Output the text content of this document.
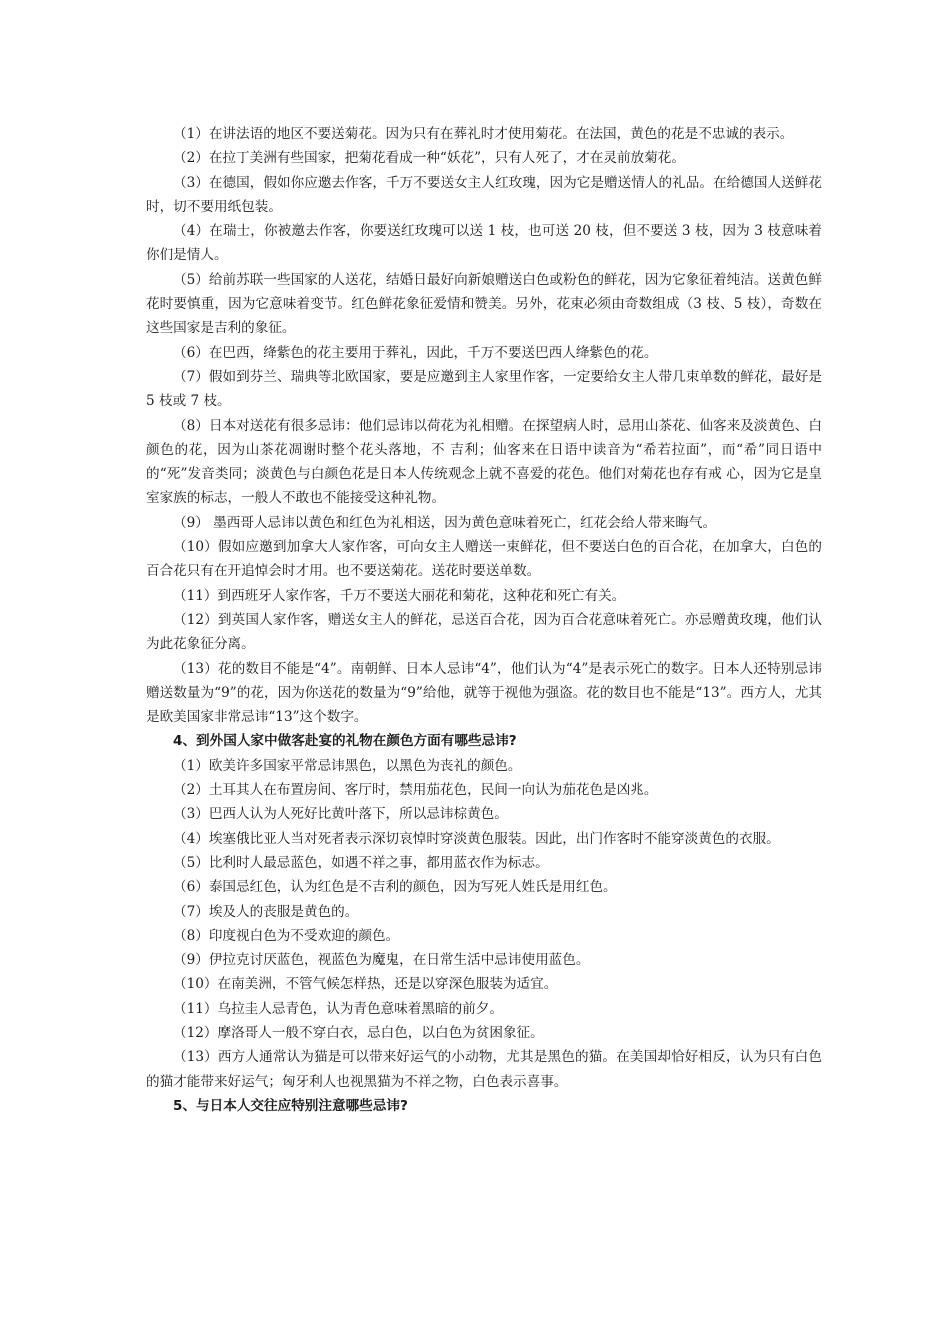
（1）在讲法语的地区不要送菊花。因为只有在葬礼时才使用菊花。在法国，黄色的花是不忠诚的表示。

（2）在拉丁美洲有些国家，把菊花看成一种“妖花”，只有人死了，才在灵前放菊花。

（3）在德国，假如你应邀去作客，千万不要送女主人红玫瑰，因为它是赠送情人的礼品。在给德国人送鲜花时，切不要用纸包装。

（4）在瑞士，你被邀去作客，你要送红玫瑰可以送 1 枝，也可送 20 枝，但不要送 3 枝，因为 3 枝意味着你们是情人。

（5）给前苏联一些国家的人送花，结婚日最好向新娘赠送白色或粉色的鲜花，因为它象征着纯洁。送黄色鲜花时要慎重，因为它意味着变节。红色鲜花象征爱情和赞美。另外，花束必须由奇数组成（3 枝、5 枝），奇数在这些国家是吉利的象征。

（6）在巴西，绛紫色的花主要用于葬礼，因此，千万不要送巴西人绛紫色的花。

（7）假如到芬兰、瑞典等北欧国家，要是应邀到主人家里作客，一定要给女主人带几束单数的鲜花，最好是 5 枝或 7 枝。

（8）日本对送花有很多忌讳：他们忌讳以荷花为礼相赠。在探望病人时，忌用山茶花、仙客来及淡黄色、白颜色的花，因为山茶花凋谢时整个花头落地，不 吉利；仙客来在日语中读音为“希若拉面”，而“希”同日语中的“死”发音类同；淡黄色与白颜色花是日本人传统观念上就不喜爱的花色。他们对菊花也存有戒 心，因为它是皇室家族的标志，一般人不敢也不能接受这种礼物。

（9） 墨西哥人忌讳以黄色和红色为礼相送，因为黄色意味着死亡，红花会给人带来晦气。

（10）假如应邀到加拿大人家作客，可向女主人赠送一束鲜花，但不要送白色的百合花，在加拿大，白色的百合花只有在开追悼会时才用。也不要送菊花。送花时要送单数。

（11）到西班牙人家作客，千万不要送大丽花和菊花，这种花和死亡有关。

（12）到英国人家作客，赠送女主人的鲜花，忌送百合花，因为百合花意味着死亡。亦忌赠黄玫瑰，他们认为此花象征分离。

（13）花的数目不能是“4”。南朝鲜、日本人忌讳“4”，他们认为“4”是表示死亡的数字。日本人还特别忌讳赠送数量为“9”的花，因为你送花的数量为“9”给他，就等于视他为强盗。花的数目也不能是“13”。西方人，尤其是欧美国家非常忌讳“13”这个数字。

4、到外国人家中做客赴宴的礼物在颜色方面有哪些忌讳?

（1）欧美许多国家平常忌讳黑色，以黑色为丧礼的颜色。

（2）土耳其人在布置房间、客厅时，禁用茄花色，民间一向认为茄花色是凶兆。

（3）巴西人认为人死好比黄叶落下，所以忌讳棕黄色。

（4）埃塞俄比亚人当对死者表示深切哀悼时穿淡黄色服装。因此，出门作客时不能穿淡黄色的衣服。

（5）比利时人最忌蓝色，如遇不祥之事，都用蓝衣作为标志。

（6）泰国忌红色，认为红色是不吉利的颜色，因为写死人姓氏是用红色。

（7）埃及人的丧服是黄色的。

（8）印度视白色为不受欢迎的颜色。

（9）伊拉克讨厌蓝色，视蓝色为魔鬼，在日常生活中忌讳使用蓝色。

（10）在南美洲，不管气候怎样热，还是以穿深色服装为适宜。

（11）乌拉圭人忌青色，认为青色意味着黑暗的前夕。

（12）摩洛哥人一般不穿白衣，忌白色，以白色为贫困象征。

（13）西方人通常认为猫是可以带来好运气的小动物，尤其是黑色的猫。在美国却恰好相反，认为只有白色的猫才能带来好运气；匈牙利人也视黑猫为不祥之物，白色表示喜事。

5、与日本人交往应特别注意哪些忌讳?
